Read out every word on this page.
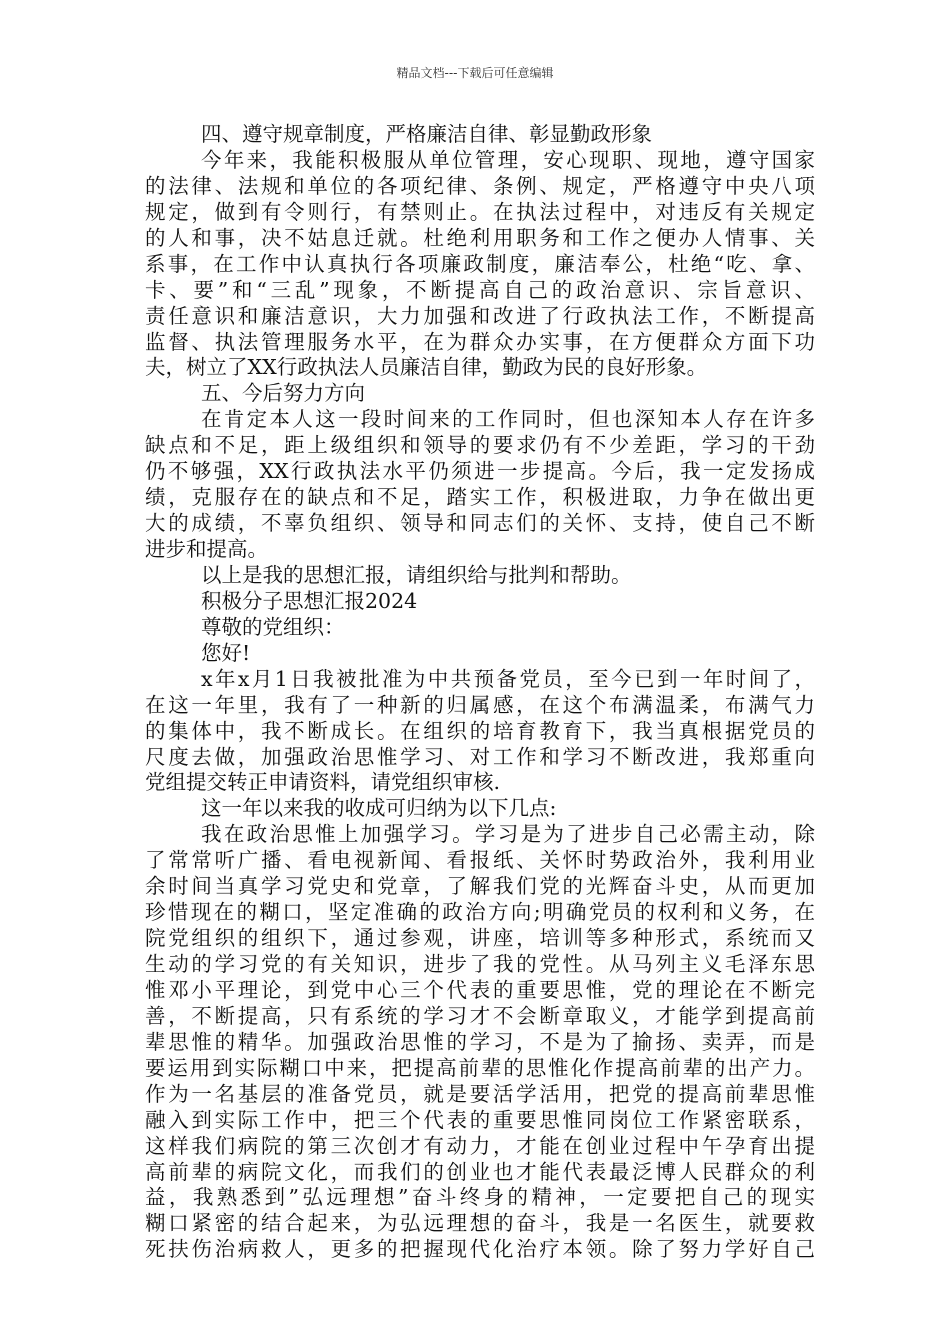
精品文档---下载后可任意编辑
四、遵守规章制度，严格廉洁自律、彰显勤政形象
今年来，我能积极服从单位管理，安心现职、现地，遵守国家
的法律、法规和单位的各项纪律、条例、规定，严格遵守中央八项
规定，做到有令则行，有禁则止。在执法过程中，对违反有关规定
的人和事，决不姑息迁就。杜绝利用职务和工作之便办人情事、关
系事，在工作中认真执行各项廉政制度，廉洁奉公，杜绝“吃、拿、
卡、要”和“三乱”现象，不断提高自己的政治意识、宗旨意识、
责任意识和廉洁意识，大力加强和改进了行政执法工作，不断提高
监督、执法管理服务水平，在为群众办实事，在方便群众方面下功
夫，树立了XX行政执法人员廉洁自律，勤政为民的良好形象。
五、今后努力方向
在肯定本人这一段时间来的工作同时，但也深知本人存在许多
缺点和不足，距上级组织和领导的要求仍有不少差距，学习的干劲
仍不够强，XX行政执法水平仍须进一步提高。今后，我一定发扬成
绩，克服存在的缺点和不足，踏实工作，积极进取，力争在做出更
大的成绩，不辜负组织、领导和同志们的关怀、支持，使自己不断
进步和提高。
以上是我的思想汇报，请组织给与批判和帮助。
积极分子思想汇报2024
尊敬的党组织：
您好!
x年x月1日我被批准为中共预备党员，至今已到一年时间了，
在这一年里，我有了一种新的归属感，在这个布满温柔，布满气力
的集体中，我不断成长。在组织的培育教育下，我当真根据党员的
尺度去做，加强政治思惟学习、对工作和学习不断改进，我郑重向
党组提交转正申请资料，请党组织审核.
这一年以来我的收成可归纳为以下几点:
我在政治思惟上加强学习。学习是为了进步自己必需主动，除
了常常听广播、看电视新闻、看报纸、关怀时势政治外，我利用业
余时间当真学习党史和党章，了解我们党的光辉奋斗史，从而更加
珍惜现在的糊口，坚定准确的政治方向;明确党员的权利和义务，在
院党组织的组织下，通过参观，讲座，培训等多种形式，系统而又
生动的学习党的有关知识，进步了我的党性。从马列主义毛泽东思
惟邓小平理论，到党中心三个代表的重要思惟，党的理论在不断完
善，不断提高，只有系统的学习才不会断章取义，才能学到提高前
辈思惟的精华。加强政治思惟的学习，不是为了揄扬、卖弄，而是
要运用到实际糊口中来，把提高前辈的思惟化作提高前辈的出产力。
作为一名基层的准备党员，就是要活学活用，把党的提高前辈思惟
融入到实际工作中，把三个代表的重要思惟同岗位工作紧密联系，
这样我们病院的第三次创才有动力，才能在创业过程中午孕育出提
高前辈的病院文化，而我们的创业也才能代表最泛博人民群众的利
益，我熟悉到”弘远理想”奋斗终身的精神，一定要把自己的现实
糊口紧密的结合起来，为弘远理想的奋斗，我是一名医生，就要救
死扶伤治病救人，更多的把握现代化治疗本领。除了努力学好自己
